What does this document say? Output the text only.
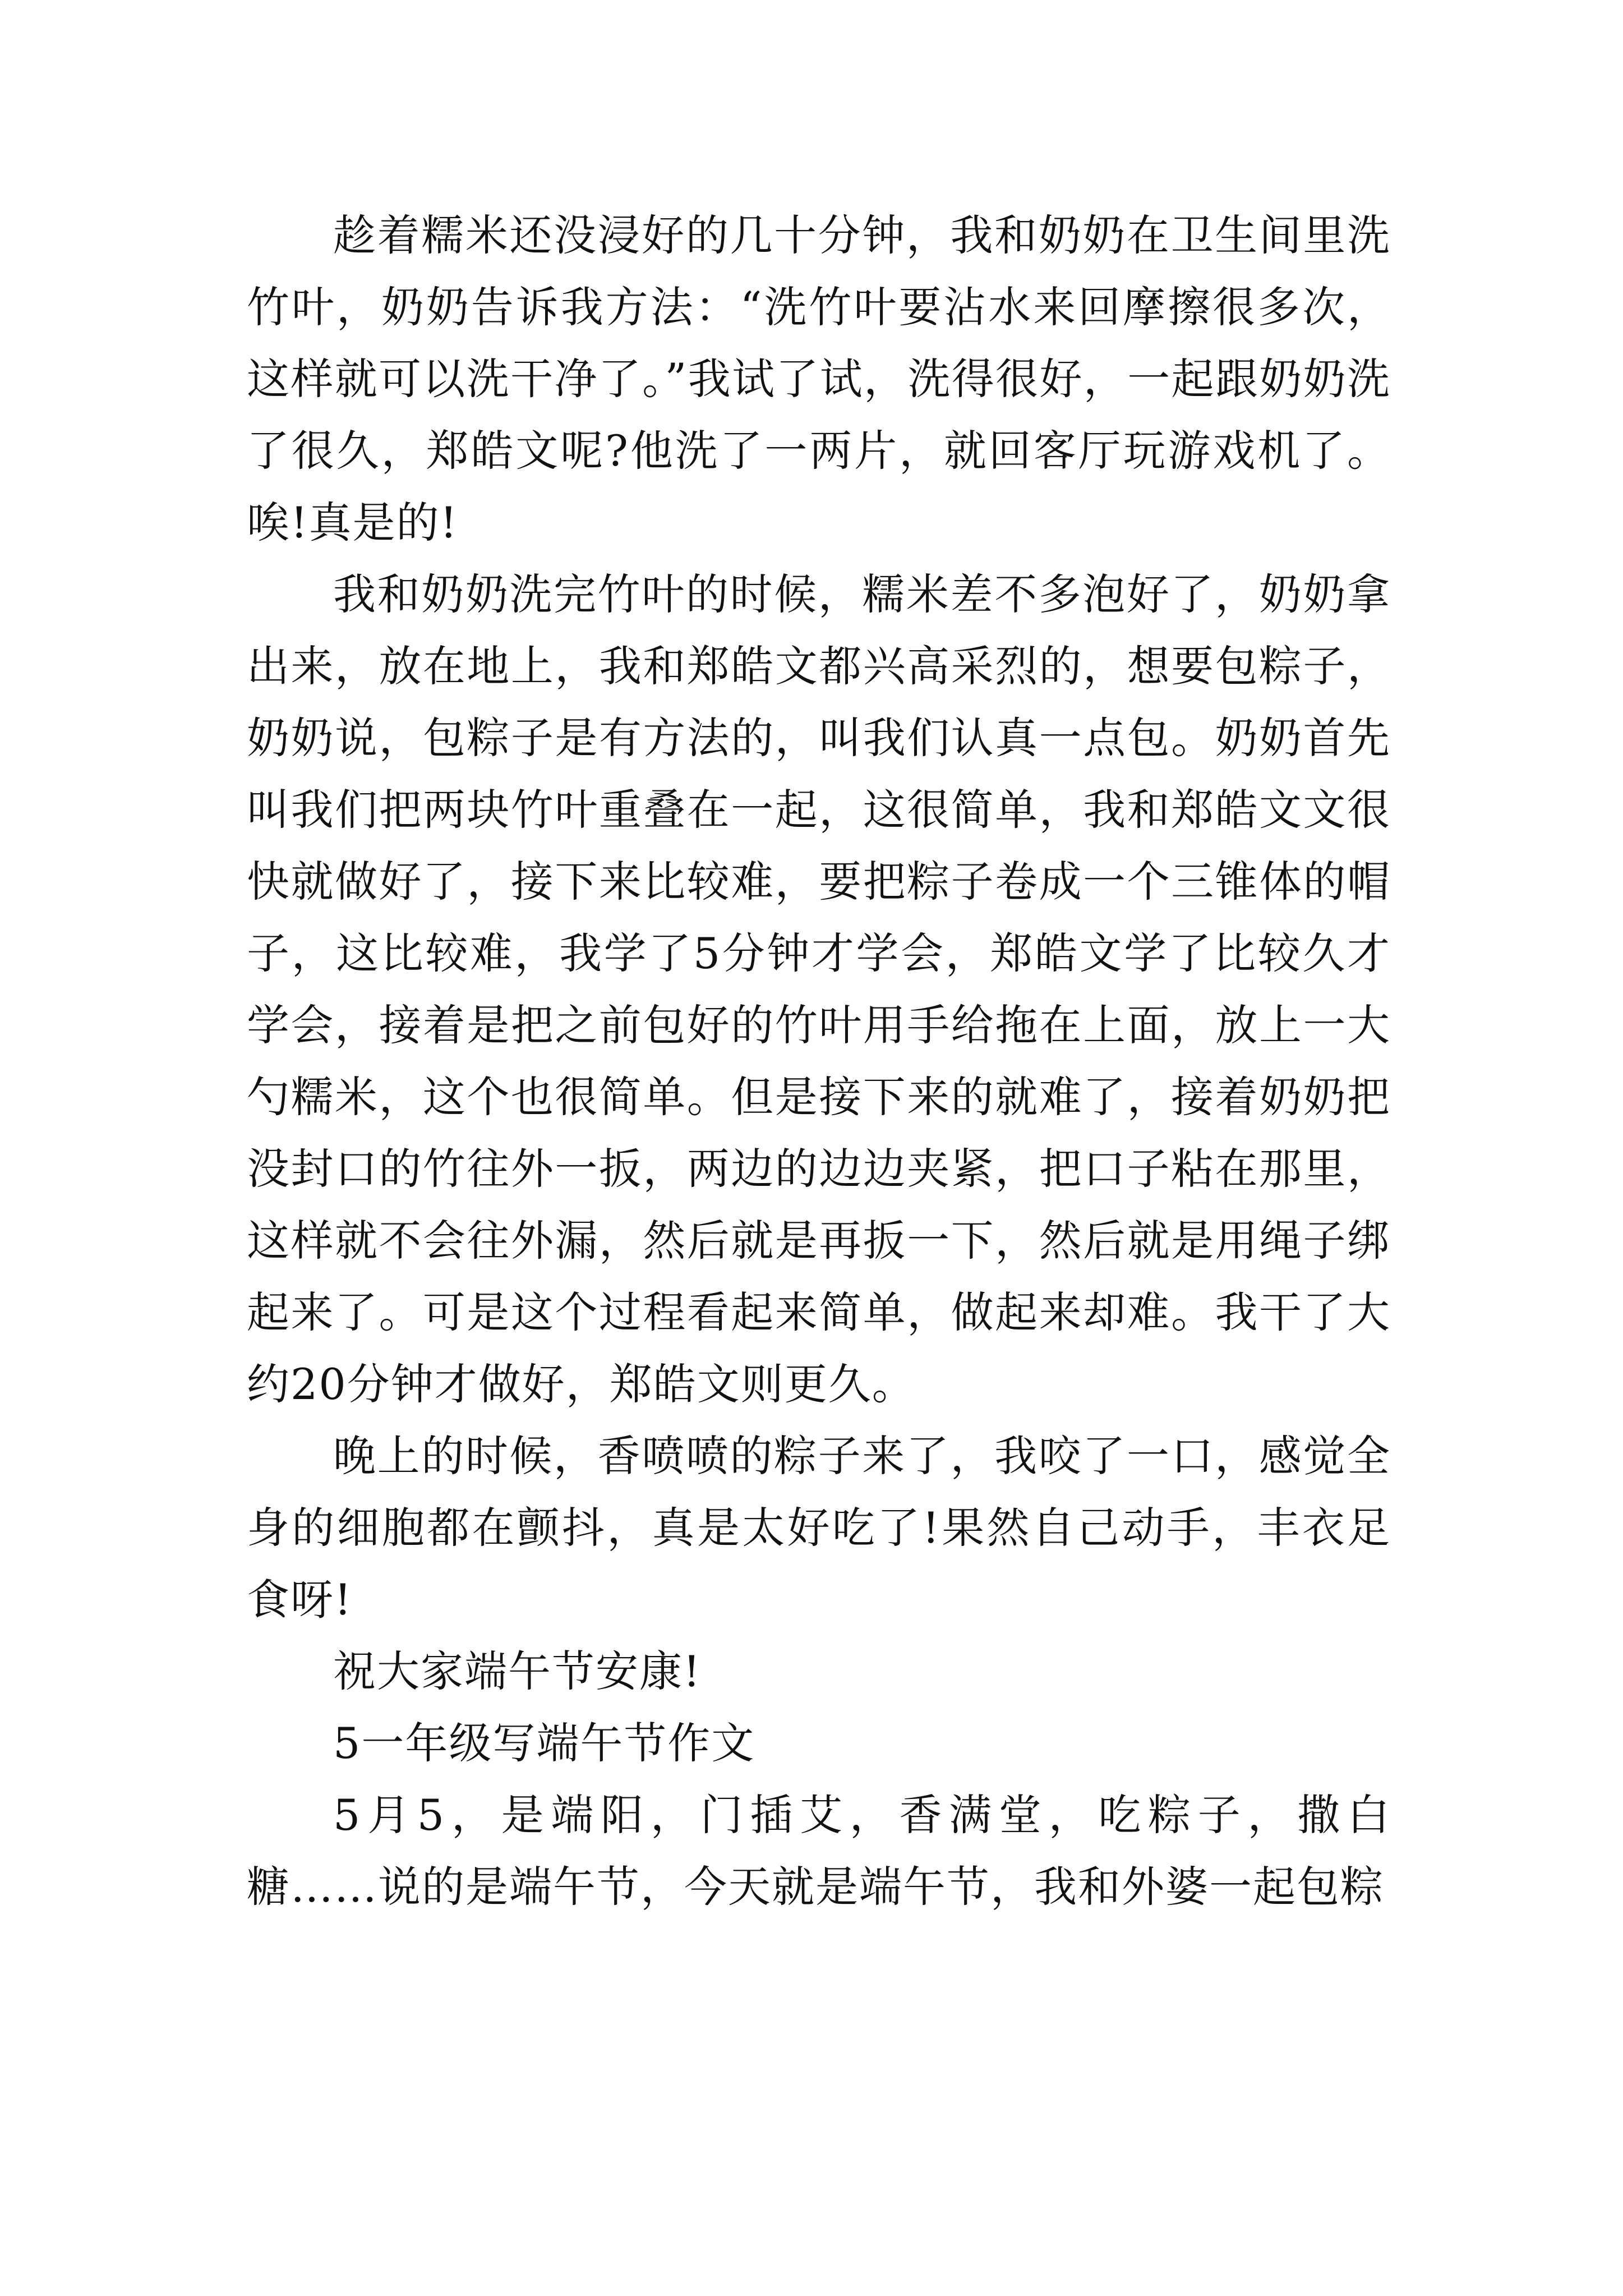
趁着糯米还没浸好的几十分钟，我和奶奶在卫生间里洗竹叶，奶奶告诉我方法：“洗竹叶要沾水来回摩擦很多次，这样就可以洗干净了。”我试了试，洗得很好，一起跟奶奶洗了很久，郑皓文呢?他洗了一两片，就回客厅玩游戏机了。唉!真是的!

我和奶奶洗完竹叶的时候，糯米差不多泡好了，奶奶拿出来，放在地上，我和郑皓文都兴高采烈的，想要包粽子，奶奶说，包粽子是有方法的，叫我们认真一点包。奶奶首先叫我们把两块竹叶重叠在一起，这很简单，我和郑皓文文很快就做好了，接下来比较难，要把粽子卷成一个三锥体的帽子，这比较难，我学了5分钟才学会，郑皓文学了比较久才学会，接着是把之前包好的竹叶用手给拖在上面，放上一大勺糯米，这个也很简单。但是接下来的就难了，接着奶奶把没封口的竹往外一扳，两边的边边夹紧，把口子粘在那里，这样就不会往外漏，然后就是再扳一下，然后就是用绳子绑起来了。可是这个过程看起来简单，做起来却难。我干了大约20分钟才做好，郑皓文则更久。

晚上的时候，香喷喷的粽子来了，我咬了一口，感觉全身的细胞都在颤抖，真是太好吃了!果然自己动手，丰衣足食呀!

祝大家端午节安康!

5一年级写端午节作文

5月5，是端阳，门插艾，香满堂，吃粽子，撒白糖……说的是端午节，今天就是端午节，我和外婆一起包粽
